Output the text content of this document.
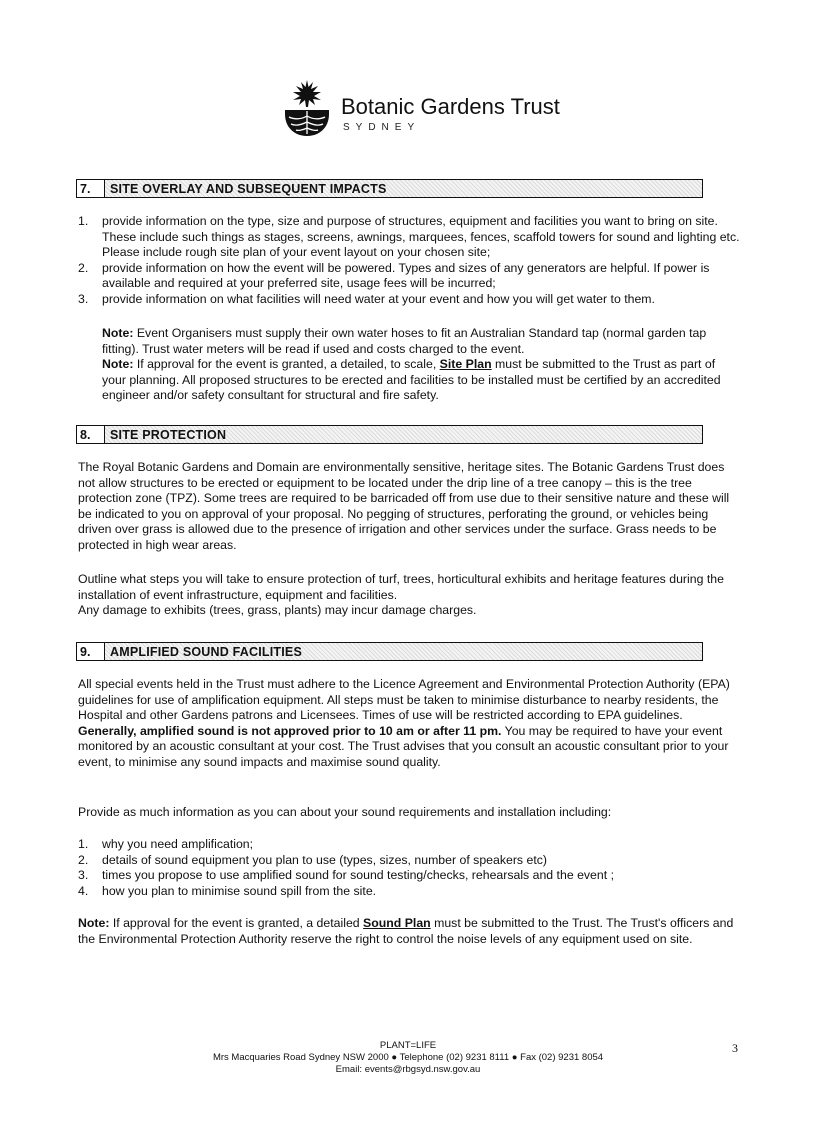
Botanic Gardens Trust
SYDNEY
7.	SITE OVERLAY AND SUBSEQUENT IMPACTS
1. provide information on the type, size and purpose of structures, equipment and facilities you want to bring on site. These include such things as stages, screens, awnings, marquees, fences, scaffold towers for sound and lighting etc. Please include rough site plan of your event layout on your chosen site;
2. provide information on how the event will be powered. Types and sizes of any generators are helpful. If power is available and required at your preferred site, usage fees will be incurred;
3. provide information on what facilities will need water at your event and how you will get water to them.
Note: Event Organisers must supply their own water hoses to fit an Australian Standard tap (normal garden tap fitting). Trust water meters will be read if used and costs charged to the event.
Note: If approval for the event is granted, a detailed, to scale, Site Plan must be submitted to the Trust as part of your planning. All proposed structures to be erected and facilities to be installed must be certified by an accredited engineer and/or safety consultant for structural and fire safety.
8.	SITE PROTECTION
The Royal Botanic Gardens and Domain are environmentally sensitive, heritage sites. The Botanic Gardens Trust does not allow structures to be erected or equipment to be located under the drip line of a tree canopy – this is the tree protection zone (TPZ). Some trees are required to be barricaded off from use due to their sensitive nature and these will be indicated to you on approval of your proposal. No pegging of structures, perforating the ground, or vehicles being driven over grass is allowed due to the presence of irrigation and other services under the surface. Grass needs to be protected in high wear areas.
Outline what steps you will take to ensure protection of turf, trees, horticultural exhibits and heritage features during the installation of event infrastructure, equipment and facilities.
Any damage to exhibits (trees, grass, plants) may incur damage charges.
9.	AMPLIFIED SOUND FACILITIES
All special events held in the Trust must adhere to the Licence Agreement and Environmental Protection Authority (EPA) guidelines for use of amplification equipment. All steps must be taken to minimise disturbance to nearby residents, the Hospital and other Gardens patrons and Licensees. Times of use will be restricted according to EPA guidelines. Generally, amplified sound is not approved prior to 10 am or after 11 pm. You may be required to have your event monitored by an acoustic consultant at your cost. The Trust advises that you consult an acoustic consultant prior to your event, to minimise any sound impacts and maximise sound quality.
Provide as much information as you can about your sound requirements and installation including:
1. why you need amplification;
2. details of sound equipment you plan to use (types, sizes, number of speakers etc)
3. times you propose to use amplified sound for sound testing/checks, rehearsals and the event ;
4. how you plan to minimise sound spill from the site.
Note: If approval for the event is granted, a detailed Sound Plan must be submitted to the Trust. The Trust's officers and the Environmental Protection Authority reserve the right to control the noise levels of any equipment used on site.
PLANT=LIFE
Mrs Macquaries Road Sydney NSW 2000 ● Telephone (02) 9231 8111 ● Fax (02) 9231 8054
Email: events@rbgsyd.nsw.gov.au
3
